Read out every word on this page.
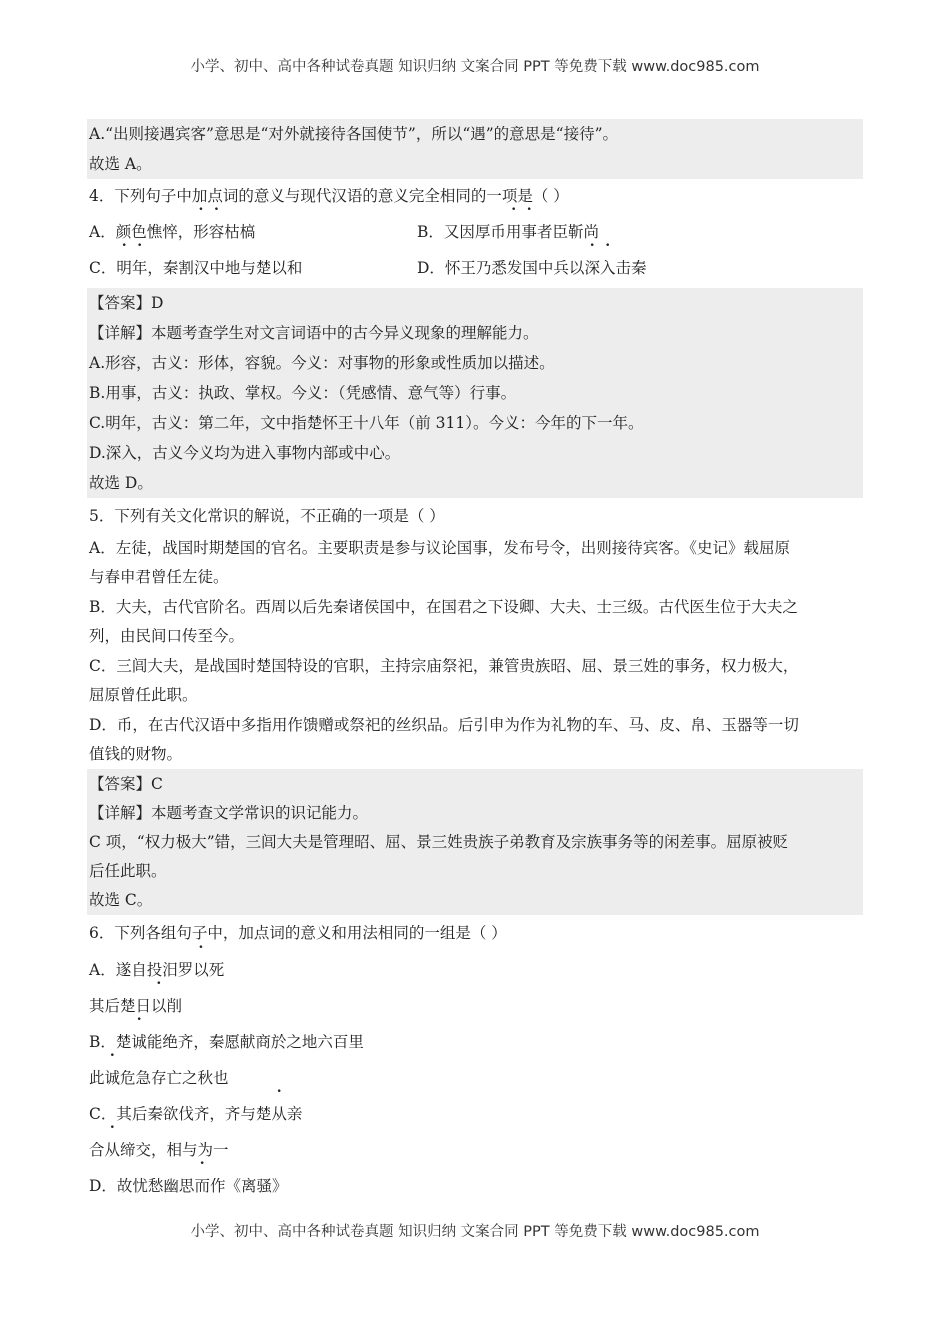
小学、初中、高中各种试卷真题 知识归纳 文案合同 PPT 等免费下载 www.doc985.com
A.“出则接遇宾客”意思是“对外就接待各国使节”，所以“遇”的意思是“接待”。
故选 A。
4．下列句子中加点词的意义与现代汉语的意义完全相同的一项是（ ）
A．颜色憔悴，形容枯槁	B．又因厚币用事者臣靳尚
C．明年，秦割汉中地与楚以和	D．怀王乃悉发国中兵以深入击秦
【答案】D
【详解】本题考查学生对文言词语中的古今异义现象的理解能力。
A.形容，古义：形体，容貌。今义：对事物的形象或性质加以描述。
B.用事，古义：执政、掌权。今义：（凭感情、意气等）行事。
C.明年，古义：第二年，文中指楚怀王十八年（前 311）。今义：今年的下一年。
D.深入，古义今义均为进入事物内部或中心。
故选 D。
5．下列有关文化常识的解说，不正确的一项是（ ）
A．左徒，战国时期楚国的官名。主要职责是参与议论国事，发布号令，出则接待宾客。《史记》载屈原
与春申君曾任左徒。
B．大夫，古代官阶名。西周以后先秦诸侯国中，在国君之下设卿、大夫、士三级。古代医生位于大夫之
列，由民间口传至今。
C．三闾大夫，是战国时楚国特设的官职，主持宗庙祭祀，兼管贵族昭、屈、景三姓的事务，权力极大，
屈原曾任此职。
D．币，在古代汉语中多指用作馈赠或祭祀的丝织品。后引申为作为礼物的车、马、皮、帛、玉器等一切
值钱的财物。
【答案】C
【详解】本题考查文学常识的识记能力。
C 项，“权力极大”错，三闾大夫是管理昭、屈、景三姓贵族子弟教育及宗族事务等的闲差事。屈原被贬
后任此职。
故选 C。
6．下列各组句子中，加点词的意义和用法相同的一组是（ ）
A．遂自投汨罗以死
其后楚日以削
B．楚诚能绝齐，秦愿献商於之地六百里
此诚危急存亡之秋也
C．其后秦欲伐齐，齐与楚从亲
合从缔交，相与为一
D．故忧愁幽思而作《离骚》
小学、初中、高中各种试卷真题 知识归纳 文案合同 PPT 等免费下载 www.doc985.com
